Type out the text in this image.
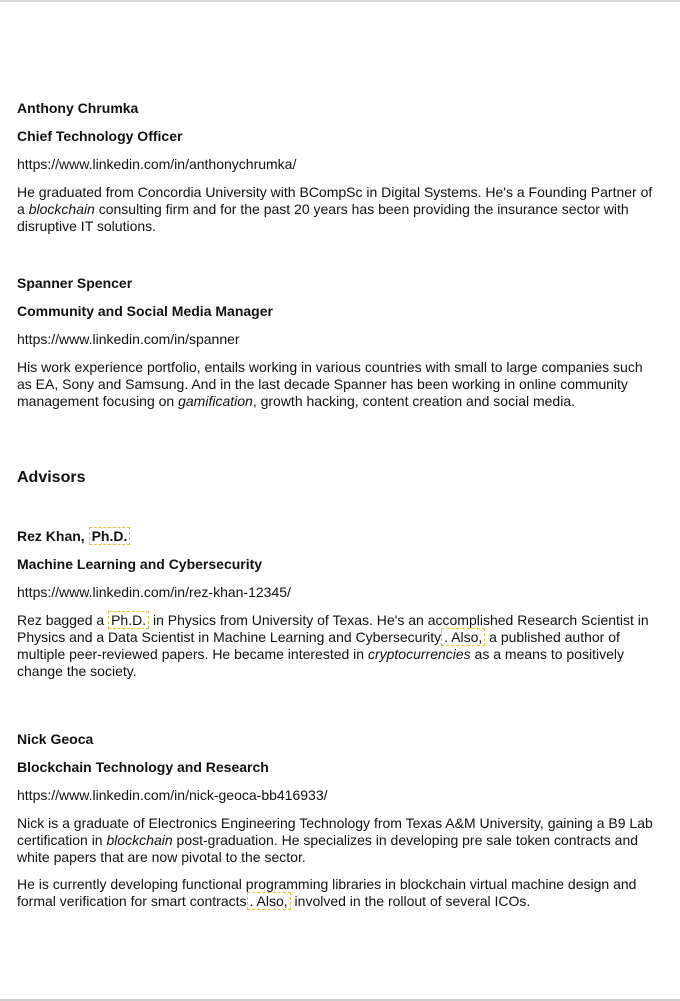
Anthony Chrumka

Chief Technology Officer

https://www.linkedin.com/in/anthonychrumka/
He graduated from Concordia University with BCompSc in Digital Systems. He's a Founding Partner of a blockchain consulting firm and for the past 20 years has been providing the insurance sector with disruptive IT solutions.

Spanner Spencer

Community and Social Media Manager

https://www.linkedin.com/in/spanner
His work experience portfolio, entails working in various countries with small to large companies such as EA, Sony and Samsung. And in the last decade Spanner has been working in online community management focusing on gamification, growth hacking, content creation and social media.

Advisors

Rez Khan, Ph.D.

Machine Learning and Cybersecurity

https://www.linkedin.com/in/rez-khan-12345/
Rez bagged a Ph.D. in Physics from University of Texas. He's an accomplished Research Scientist in Physics and a Data Scientist in Machine Learning and Cybersecurity . Also, a published author of multiple peer-reviewed papers. He became interested in cryptocurrencies as a means to positively change the society.

Nick Geoca

Blockchain Technology and Research

https://www.linkedin.com/in/nick-geoca-bb416933/
Nick is a graduate of Electronics Engineering Technology from Texas A&M University, gaining a B9 Lab certification in blockchain post-graduation. He specializes in developing pre sale token contracts and white papers that are now pivotal to the sector.
He is currently developing functional programming libraries in blockchain virtual machine design and formal verification for smart contracts . Also, involved in the rollout of several ICOs.
